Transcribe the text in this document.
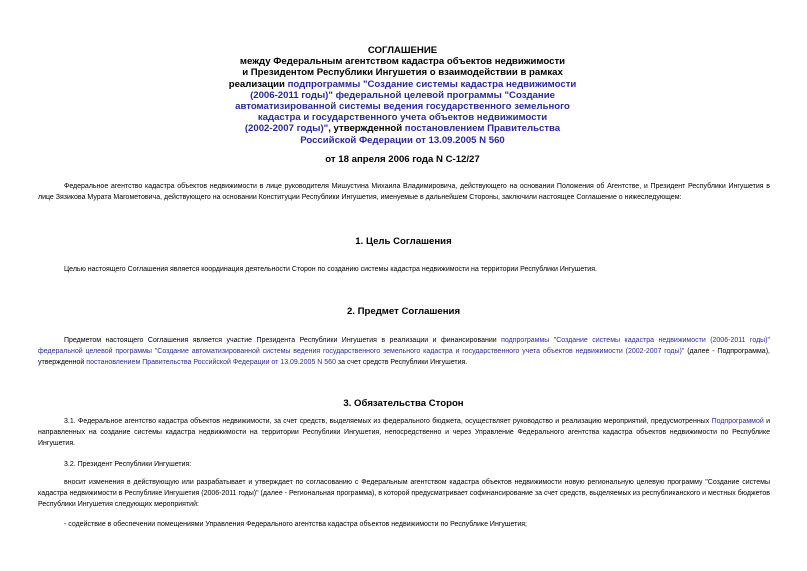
СОГЛАШЕНИЕ
между Федеральным агентством кадастра объектов недвижимости
и Президентом Республики Ингушетия о взаимодействии в рамках
реализации подпрограммы "Создание системы кадастра недвижимости
(2006-2011 годы)" федеральной целевой программы "Создание
автоматизированной системы ведения государственного земельного
кадастра и государственного учета объектов недвижимости
(2002-2007 годы)", утвержденной постановлением Правительства
Российской Федерации от 13.09.2005 N 560
от 18 апреля 2006 года N С-12/27
Федеральное агентство кадастра объектов недвижимости в лице руководителя Мишустина Михаила Владимировича, действующего на основании Положения об Агентстве, и Президент Республики Ингушетия в лице Зязикова Мурата Магометовича, действующего на основании Конституции Республики Ингушетия, именуемые в дальнейшем Стороны, заключили настоящее Соглашение о нижеследующем:
1. Цель Соглашения
Целью настоящего Соглашения является координация деятельности Сторон по созданию системы кадастра недвижимости на территории Республики Ингушетия.
2. Предмет Соглашения
Предметом настоящего Соглашения является участие Президента Республики Ингушетия в реализации и финансировании подпрограммы "Создание системы кадастра недвижимости (2006-2011 годы)" федеральной целевой программы "Создание автоматизированной системы ведения государственного земельного кадастра и государственного учета объектов недвижимости (2002-2007 годы)" (далее - Подпрограмма), утвержденной постановлением Правительства Российской Федерации от 13.09.2005 N 560 за счет средств Республики Ингушетия.
3. Обязательства Сторон
3.1. Федеральное агентство кадастра объектов недвижимости, за счет средств, выделяемых из федерального бюджета, осуществляет руководство и реализацию мероприятий, предусмотренных Подпрограммой и направленных на создание системы кадастра недвижимости на территории Республики Ингушетия, непосредственно и через Управление Федерального агентства кадастра объектов недвижимости по Республике Ингушетия.
3.2. Президент Республики Ингушетия:
вносит изменения в действующую или разрабатывает и утверждает по согласованию с Федеральным агентством кадастра объектов недвижимости новую региональную целевую программу "Создание системы кадастра недвижимости в Республике Ингушетия (2006-2011 годы)" (далее - Региональная программа), в которой предусматривает софинансирование за счет средств, выделяемых из республиканского и местных бюджетов Республики Ингушетия следующих мероприятий:
- содействие в обеспечении помещениями Управления Федерального агентства кадастра объектов недвижимости по Республике Ингушетия;
